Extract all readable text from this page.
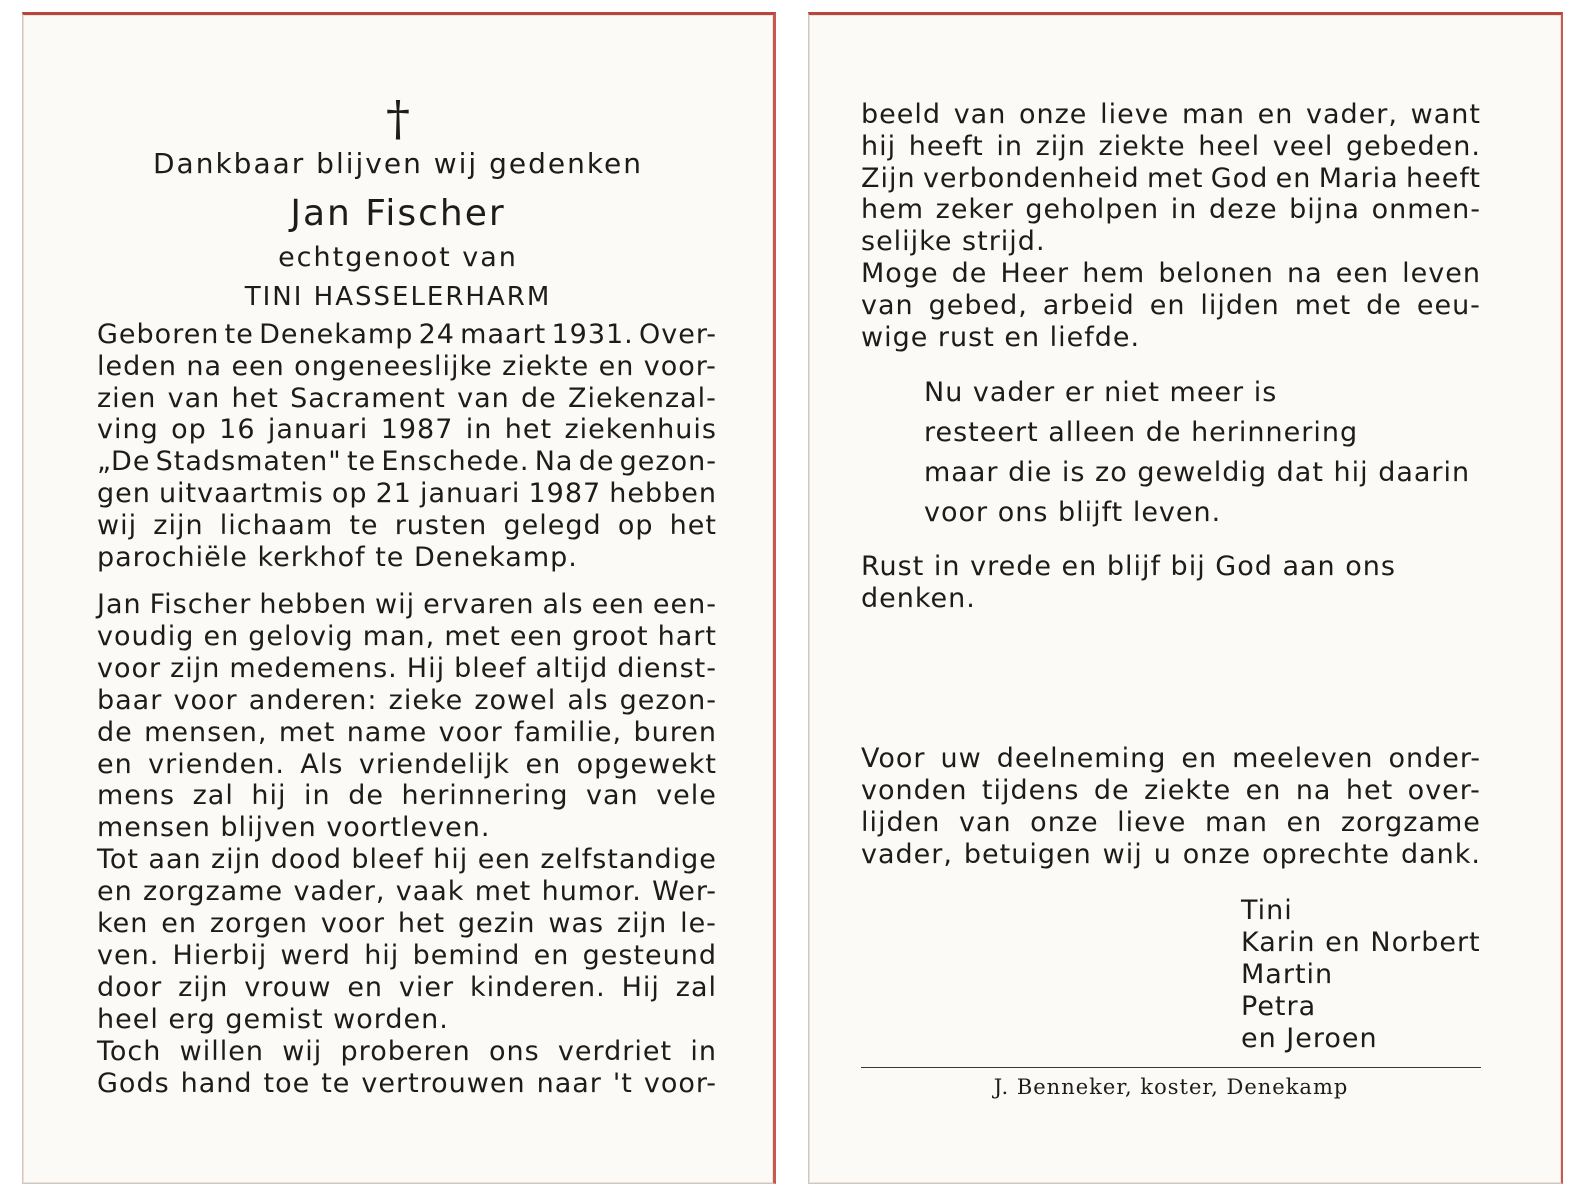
†
Dankbaar blijven wij gedenken
Jan Fischer
echtgenoot van
TINI HASSELERHARM
Geboren te Denekamp 24 maart 1931. Over-
leden na een ongeneeslijke ziekte en voor-
zien van het Sacrament van de Ziekenzal-
ving op 16 januari 1987 in het ziekenhuis
„De Stadsmaten" te Enschede. Na de gezon-
gen uitvaartmis op 21 januari 1987 hebben
wij zijn lichaam te rusten gelegd op het
parochiële kerkhof te Denekamp.
Jan Fischer hebben wij ervaren als een een-
voudig en gelovig man, met een groot hart
voor zijn medemens. Hij bleef altijd dienst-
baar voor anderen: zieke zowel als gezon-
de mensen, met name voor familie, buren
en vrienden. Als vriendelijk en opgewekt
mens zal hij in de herinnering van vele
mensen blijven voortleven.
Tot aan zijn dood bleef hij een zelfstandige
en zorgzame vader, vaak met humor. Wer-
ken en zorgen voor het gezin was zijn le-
ven. Hierbij werd hij bemind en gesteund
door zijn vrouw en vier kinderen. Hij zal
heel erg gemist worden.
Toch willen wij proberen ons verdriet in
Gods hand toe te vertrouwen naar 't voor-
beeld van onze lieve man en vader, want
hij heeft in zijn ziekte heel veel gebeden.
Zijn verbondenheid met God en Maria heeft
hem zeker geholpen in deze bijna onmen-
selijke strijd.
Moge de Heer hem belonen na een leven
van gebed, arbeid en lijden met de eeu-
wige rust en liefde.
Nu vader er niet meer is
resteert alleen de herinnering
maar die is zo geweldig dat hij daarin
voor ons blijft leven.
Rust in vrede en blijf bij God aan ons
denken.
Voor uw deelneming en meeleven onder-
vonden tijdens de ziekte en na het over-
lijden van onze lieve man en zorgzame
vader, betuigen wij u onze oprechte dank.
Tini
Karin en Norbert
Martin
Petra
en Jeroen
J. Benneker, koster, Denekamp
